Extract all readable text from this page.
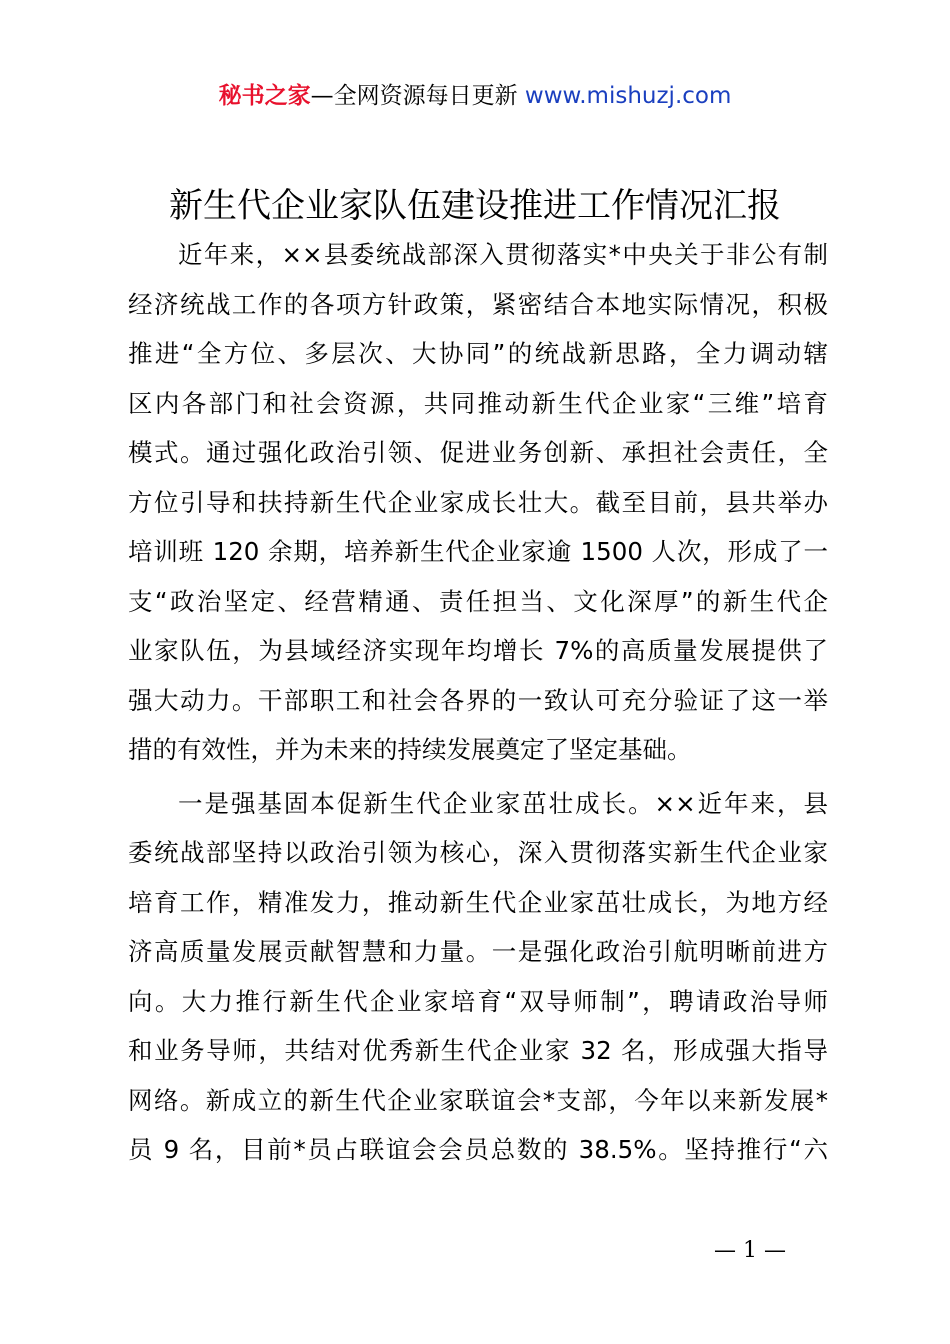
秘书之家—全网资源每日更新 www.mishuzj.com
新生代企业家队伍建设推进工作情况汇报

近年来，××县委统战部深入贯彻落实*中央关于非公有制
经济统战工作的各项方针政策，紧密结合本地实际情况，积极
推进“全方位、多层次、大协同”的统战新思路，全力调动辖
区内各部门和社会资源，共同推动新生代企业家“三维”培育
模式。通过强化政治引领、促进业务创新、承担社会责任，全
方位引导和扶持新生代企业家成长壮大。截至目前，县共举办
培训班 120 余期，培养新生代企业家逾 1500 人次，形成了一
支“政治坚定、经营精通、责任担当、文化深厚”的新生代企
业家队伍，为县域经济实现年均增长 7%的高质量发展提供了
强大动力。干部职工和社会各界的一致认可充分验证了这一举
措的有效性，并为未来的持续发展奠定了坚定基础。

一是强基固本促新生代企业家茁壮成长。××近年来，县
委统战部坚持以政治引领为核心，深入贯彻落实新生代企业家
培育工作，精准发力，推动新生代企业家茁壮成长，为地方经
济高质量发展贡献智慧和力量。一是强化政治引航明晰前进方
向。大力推行新生代企业家培育“双导师制”，聘请政治导师
和业务导师，共结对优秀新生代企业家 32 名，形成强大指导
网络。新成立的新生代企业家联谊会*支部，今年以来新发展*
员 9 名，目前*员占联谊会会员总数的 38.5%。坚持推行“六

— 1 —
